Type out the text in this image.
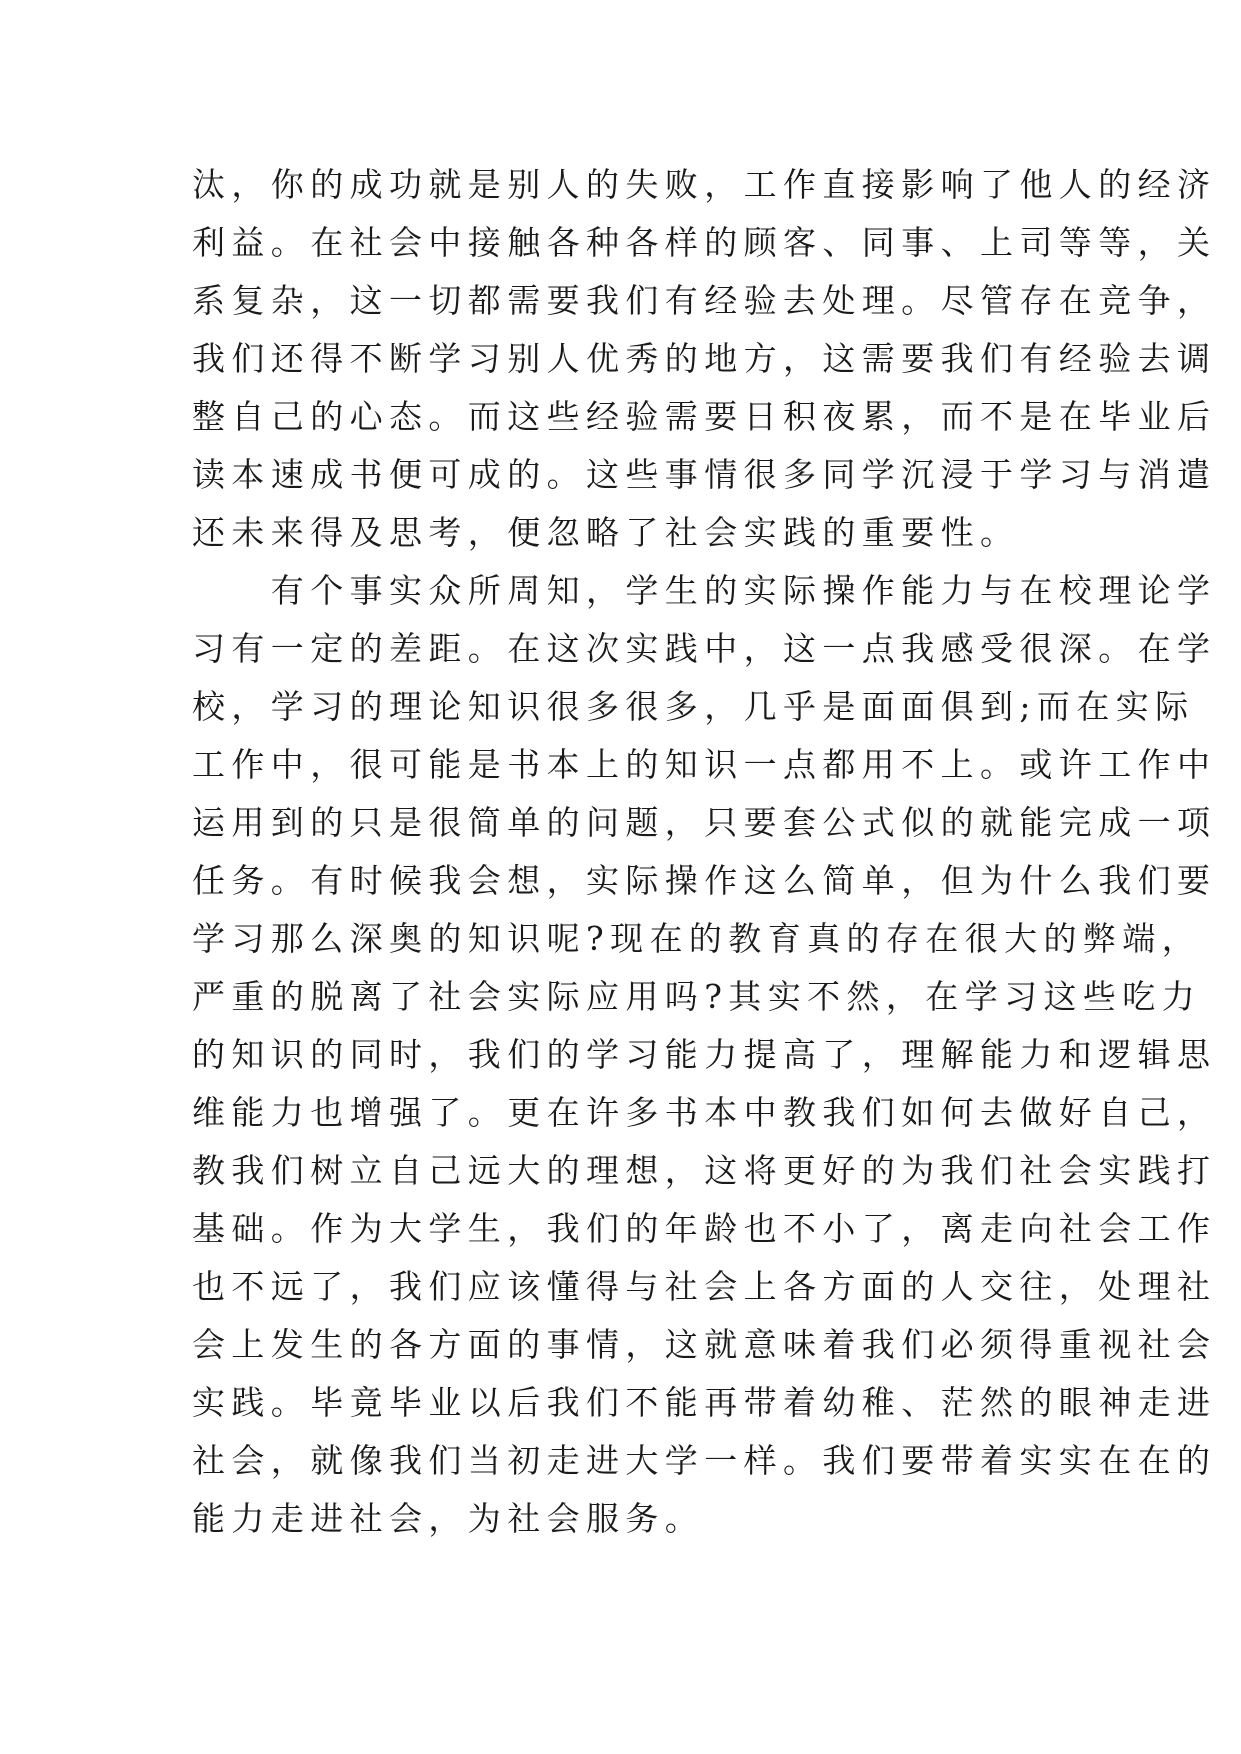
汰，你的成功就是别人的失败，工作直接影响了他人的经济
利益。在社会中接触各种各样的顾客、同事、上司等等，关
系复杂，这一切都需要我们有经验去处理。尽管存在竞争，
我们还得不断学习别人优秀的地方，这需要我们有经验去调
整自己的心态。而这些经验需要日积夜累，而不是在毕业后
读本速成书便可成的。这些事情很多同学沉浸于学习与消遣
还未来得及思考，便忽略了社会实践的重要性。
　　有个事实众所周知，学生的实际操作能力与在校理论学
习有一定的差距。在这次实践中，这一点我感受很深。在学
校，学习的理论知识很多很多，几乎是面面俱到;而在实际
工作中，很可能是书本上的知识一点都用不上。或许工作中
运用到的只是很简单的问题，只要套公式似的就能完成一项
任务。有时候我会想，实际操作这么简单，但为什么我们要
学习那么深奥的知识呢?现在的教育真的存在很大的弊端，
严重的脱离了社会实际应用吗?其实不然，在学习这些吃力
的知识的同时，我们的学习能力提高了，理解能力和逻辑思
维能力也增强了。更在许多书本中教我们如何去做好自己，
教我们树立自己远大的理想，这将更好的为我们社会实践打
基础。作为大学生，我们的年龄也不小了，离走向社会工作
也不远了，我们应该懂得与社会上各方面的人交往，处理社
会上发生的各方面的事情，这就意味着我们必须得重视社会
实践。毕竟毕业以后我们不能再带着幼稚、茫然的眼神走进
社会，就像我们当初走进大学一样。我们要带着实实在在的
能力走进社会，为社会服务。
